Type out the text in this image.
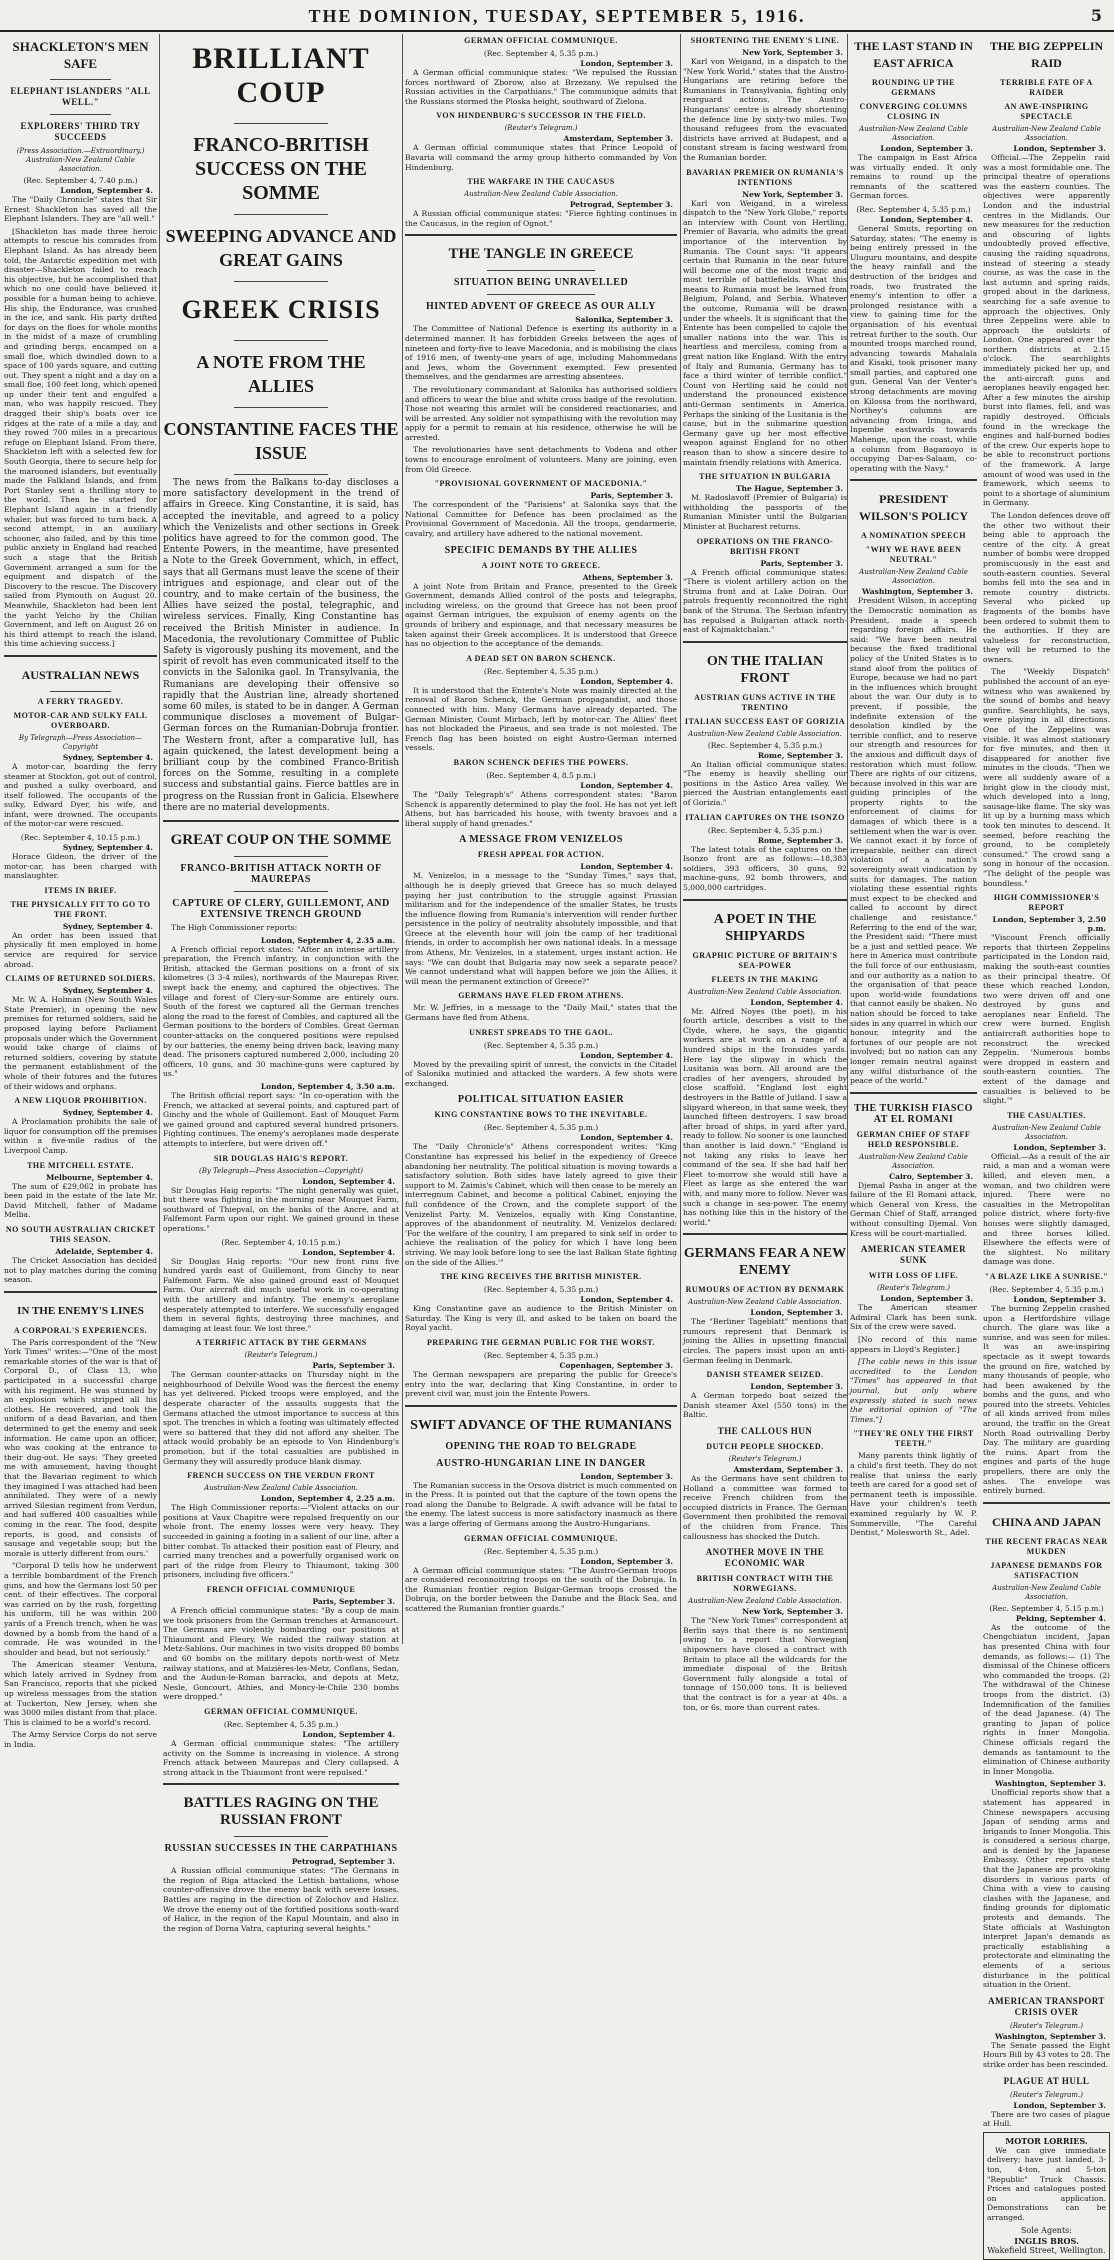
THE DOMINION, TUESDAY, SEPTEMBER 5, 1916.	5
SHACKLETON'S MEN SAFE
ELEPHANT ISLANDERS "ALL WELL."
EXPLORERS' THIRD TRY SUCCEEDS
(Press Association.—Extraordinary.) Australian-New Zealand Cable Association.
(Rec. September 4, 7.40 p.m.)
London, September 4.

The "Daily Chronicle" states that Sir Ernest Shackleton has saved all the Elephant Islanders. They are "all well."

[Shackleton has made three heroic attempts to rescue his comrades from Elephant Island. As has already been told, the Antarctic expedition met with disaster—Shackleton failed to reach his objective, but he accomplished that which no one could have believed it possible for a human being to achieve. His ship, the Endurance, was crushed in the ice, and sank. His party drifted for days on the floes for whole months in the midst of a maze of crumbling and grinding bergs, encamped on a small floe, which dwindled down to a space of 100 yards square, and cutting out. They spent a night and a day on a small floe, 100 feet long, which opened up under their tent and engulfed a man, who was happily rescued. They dragged their ship's boats over ice ridges at the rate of a mile a day, and they rowed 700 miles in a precarious refuge on Elephant Island. From there, Shackleton left with a selected few for South Georgia, there to secure help for the marooned islanders, but eventually made the Falkland Islands, and from Port Stanley sent a thrilling story to the world. Then he started for Elephant Island again in a friendly whaler, but was forced to turn back. A second attempt, in an auxiliary schooner, also failed, and by this time public anxiety in England had reached such a stage that the British Government arranged a sum for the equipment and dispatch of the Discovery to the rescue. The Discovery sailed from Plymouth on August 20. Meanwhile, Shackleton had been lent the yacht Yelcho by the Chilian Government, and left on August 26 on his third attempt to reach the island, this time achieving success.]

AUSTRALIAN NEWS
A FERRY TRAGEDY.
MOTOR-CAR AND SULKY FALL OVERBOARD.
By Telegraph—Press Association—Copyright
Sydney, September 4.

A motor-car, boarding the ferry steamer at Stockton, got out of control, and pushed a sulky overboard, and itself followed. The occupants of the sulky, Edward Dyer, his wife, and infant, were drowned. The occupants of the motor-car were rescued.

(Rec. September 4, 10.15 p.m.)
Sydney, September 4.

Horace Gideon, the driver of the motor-car, has been charged with manslaughter.

ITEMS IN BRIEF.
THE PHYSICALLY FIT TO GO TO THE FRONT.
Sydney, September 4.

An order has been issued that physically fit men employed in home service are required for service abroad.

CLAIMS OF RETURNED SOLDIERS.
Sydney, September 4.

Mr. W. A. Holman (New South Wales State Premier), in opening the new premises for returned soldiers, said he proposed laying before Parliament proposals under which the Government would take charge of claims of returned soldiers, covering by statute the permanent establishment of the whole of their futures and the futures of their widows and orphans.

A NEW LIQUOR PROHIBITION.
Sydney, September 4.

A Proclamation prohibits the sale of liquor for consumption off the premises within a five-mile radius of the Liverpool Camp.

THE MITCHELL ESTATE.
Melbourne, September 4.

The sum of £29,062 in probate has been paid in the estate of the late Mr. David Mitchell, father of Madame Melba.

NO SOUTH AUSTRALIAN CRICKET THIS SEASON.
Adelaide, September 4.

The Cricket Association has decided not to play matches during the coming season.

IN THE ENEMY'S LINES
A CORPORAL'S EXPERIENCES.

The Paris correspondent of the "New York Times" writes:—"One of the most remarkable stories of the war is that of Corporal D., of Class 13, who participated in a successful charge with his regiment. He was stunned by an explosion which stripped all his clothes. He recovered, and took the uniform of a dead Bavarian, and then determined to get the enemy and seek information. He came upon an officer, who was cooking at the entrance to their dug-out. He says: 'They greeted me with amusement, having thought that the Bavarian regiment to which they imagined I was attached had been annihilated. They were of a newly arrived Silesian regiment from Verdun, and had suffered 400 casualties while coming in the rear. The food, despite reports, is good, and consists of sausage and vegetable soup; but the morale is utterly different from ours.'

"Corporal D tells how he underwent a terrible bombardment of the French guns, and how the Germans lost 50 per cent. of their effectives. The corporal was carried on by the rush, forgetting his uniform, till he was within 200 yards of a French trench, when he was downed by a bomb from the hand of a comrade. He was wounded in the shoulder and head, but not seriously."

The American steamer Ventura, which lately arrived in Sydney from San Francisco, reports that she picked up wireless messages from the station at Tuckerton, New Jersey, when she was 3000 miles distant from that place. This is claimed to be a world's record.

The Army Service Corps do not serve in India.

BRILLIANT COUP
FRANCO-BRITISH SUCCESS ON THE SOMME
SWEEPING ADVANCE AND GREAT GAINS
GREEK CRISIS
A NOTE FROM THE ALLIES
CONSTANTINE FACES THE ISSUE

The news from the Balkans to-day discloses a more satisfactory development in the trend of affairs in Greece. King Constantine, it is said, has accepted the inevitable, and agreed to a policy which the Venizelists and other sections in Greek politics have agreed to for the common good. The Entente Powers, in the meantime, have presented a Note to the Greek Government, which, in effect, says that all Germans must leave the scene of their intrigues and espionage, and clear out of the country, and to make certain of the business, the Allies have seized the postal, telegraphic, and wireless services. Finally, King Constantine has received the British Minister in audience. In Macedonia, the revolutionary Committee of Public Safety is vigorously pushing its movement, and the spirit of revolt has even communicated itself to the convicts in the Salonika gaol. In Transylvania, the Rumanians are developing their offensive so rapidly that the Austrian line, already shortened some 60 miles, is stated to be in danger. A German communique discloses a movement of Bulgar-German forces on the Rumanian-Dobruja frontier. The Western front, after a comparative lull, has again quickened, the latest development being a brilliant coup by the combined Franco-British forces on the Somme, resulting in a complete success and substantial gains. Fierce battles are in progress on the Russian front in Galicia. Elsewhere there are no material developments.

GREAT COUP ON THE SOMME
FRANCO-BRITISH ATTACK NORTH OF MAUREPAS
CAPTURE OF CLERY, GUILLEMONT, AND EXTENSIVE TRENCH GROUND

The High Commissioner reports:

London, September 4, 2.35 a.m.

A French official report states: "After an intense artillery preparation, the French infantry, in conjunction with the British, attacked the German positions on a front of six kilometres (3 3-4 miles), northwards of the Maurepas River, swept back the enemy, and captured the objectives. The village and forest of Clery-sur-Somme are entirely ours. South of the forest we captured all the German trenches along the road to the forest of Combles, and captured all the German positions to the borders of Combles. Great German counter-attacks on the conquered positions were repulsed by our batteries, the enemy being driven back, leaving many dead. The prisoners captured numbered 2,000, including 20 officers, 10 guns, and 30 machine-guns were captured by us."

London, September 4, 3.50 a.m.

The British official report says: "In co-operation with the French, we attacked at several points, and captured part of Ginchy and the whole of Guillemont. East of Mouquet Farm we gained ground and captured several hundred prisoners. Fighting continues. The enemy's aeroplanes made desperate attempts to interfere, but were driven off."

SIR DOUGLAS HAIG'S REPORT.
(By Telegraph—Press Association—Copyright)
London, September 4.

Sir Douglas Haig reports: "The night generally was quiet, but there was fighting in the morning near Mouquet Farm, southward of Thiepval, on the banks of the Ancre, and at Falfemont Farm upon our right. We gained ground in these operations."

(Rec. September 4, 10.15 p.m.)
London, September 4.

Sir Douglas Haig reports: "Our new front runs five hundred yards east of Guillemont, from Ginchy to near Falfemont Farm. We also gained ground east of Mouquet Farm. Our aircraft did much useful work in co-operating with the artillery and infantry. The enemy's aeroplane desperately attempted to interfere. We successfully engaged them in several fights, destroying three machines, and damaging at least four. We lost three."

A TERRIFIC ATTACK BY THE GERMANS
(Reuter's Telegram.)
Paris, September 3.

The German counter-attacks on Thursday night in the neighbourhood of Delville Wood was the fiercest the enemy has yet delivered. Picked troops were employed, and the desperate character of the assaults suggests that the Germans attached the utmost importance to success at this spot. The trenches in which a footing was ultimately effected were so battered that they did not afford any shelter. The attack would probably be an episode to Von Hindenburg's promotion, but if the total casualties are published in Germany they will assuredly produce blank dismay.

FRENCH SUCCESS ON THE VERDUN FRONT
Australian-New Zealand Cable Association.
London, September 4, 2.25 a.m.

The High Commissioner reports:—"Violent attacks on our positions at Vaux Chapitre were repulsed frequently on our whole front. The enemy losses were very heavy. They succeeded in gaining a footing in a salient of our line, after a bitter combat. To attacked their position east of Fleury, and carried many trenches and a powerfully organised work on part of the ridge from Fleury to Thiaumont, taking 300 prisoners, including five officers."

FRENCH OFFICIAL COMMUNIQUE
Paris, September 3.

A French official communique states: "By a coup de main we took prisoners from the German trenches at Armancourt. The Germans are violently bombarding our positions at Thiaumont and Fleury. We raided the railway station at Metz-Sablons. Our machines in two visits dropped 80 bombs and 60 bombs on the military depots north-west of Metz railway stations, and at Maizières-les-Metz, Conflans, Sedan, and the Audun-le-Roman barracks, and depots at Metz, Nesle, Goncourt, Athies, and Moncy-le-Chile 230 bombs were dropped."

GERMAN OFFICIAL COMMUNIQUE.
(Rec. September 4, 5.35 p.m.)
London, September 4.

A German official communique states: "The artillery activity on the Somme is increasing in violence. A strong French attack between Maurepas and Clery collapsed. A strong attack in the Thiaumont front were repulsed."

BATTLES RAGING ON THE RUSSIAN FRONT
RUSSIAN SUCCESSES IN THE CARPATHIANS
Petrograd, September 3.

A Russian official communique states: "The Germans in the region of Riga attacked the Lettish battalions, whose counter-offensive drove the enemy back with severe losses. Battles are raging in the direction of Zolochov and Halicz. We drove the enemy out of the fortified positions south-ward of Halicz, in the region of the Kapul Mountain, and also in the region of Dorna Vatra, capturing several heights."

GERMAN OFFICIAL COMMUNIQUE.
(Rec. September 4, 5.35 p.m.)
London, September 3.

A German official communique states: "We repulsed the Russian forces northward of Zborow, also at Brzezany. We repulsed the Russian activities in the Carpathians." The communique admits that the Russians stormed the Ploska height, southward of Zielona.

VON HINDENBURG'S SUCCESSOR IN THE FIELD.
(Reuter's Telegram.)
Amsterdam, September 3.

A German official communique states that Prince Leopold of Bavaria will command the army group hitherto commanded by Von Hindenburg.

THE WARFARE IN THE CAUCASUS
Australian-New Zealand Cable Association.
Petrograd, September 3.

A Russian official communique states: "Fierce fighting continues in the Caucasus, in the region of Ognot."

THE TANGLE IN GREECE
SITUATION BEING UNRAVELLED
HINTED ADVENT OF GREECE AS OUR ALLY
Salonika, September 3.

The Committee of National Defence is exerting its authority in a determined manner. It has forbidden Greeks between the ages of nineteen and forty-five to leave Macedonia, and is mobilising the class of 1916 men, of twenty-one years of age, including Mahommedans and Jews, whom the Government exempted. Few presented themselves, and the gendarmes are arresting absentees.

The revolutionary commandant at Salonika has authorised soldiers and officers to wear the blue and white cross badge of the revolution. Those not wearing this armlet will be considered reactionaries, and will be arrested. Any soldier not sympathising with the revolution may apply for a permit to remain at his residence, otherwise he will be arrested.

The revolutionaries have sent detachments to Vodena and other towns to encourage enrolment of volunteers. Many are joining, even from Old Greece.

"PROVISIONAL GOVERNMENT OF MACEDONIA."
Paris, September 3.

The correspondent of the "Parisiens" at Salonika says that the National Committee for Defence has been proclaimed as the Provisional Government of Macedonia. All the troops, gendarmerie, cavalry, and artillery have adhered to the national movement.

SPECIFIC DEMANDS BY THE ALLIES
A JOINT NOTE TO GREECE.
Athens, September 3.

A joint Note from Britain and France, presented to the Greek Government, demands Allied control of the posts and telegraphs, including wireless, on the ground that Greece has not been proof against German intrigues, the expulsion of enemy agents on the grounds of bribery and espionage, and that necessary measures be taken against their Greek accomplices. It is understood that Greece has no objection to the acceptance of the demands.

A DEAD SET ON BARON SCHENCK.
(Rec. September 4, 5.35 p.m.)
London, September 4.

It is understood that the Entente's Note was mainly directed at the removal of Baron Schenck, the German propagandist, and those connected with him. Many Germans have already departed. The German Minister, Count Mirbach, left by motor-car. The Allies' fleet has not blockaded the Piraeus, and sea trade is not molested. The French flag has been hoisted on eight Austro-German interned vessels.

BARON SCHENCK DEFIES THE POWERS.
(Rec. September 4, 8.5 p.m.)
London, September 4.

The "Daily Telegraph's" Athens correspondent states: "Baron Schenck is apparently determined to play the fool. He has not yet left Athens, but has barricaded his house, with twenty bravoes and a liberal supply of hand grenades."

A MESSAGE FROM VENIZELOS
FRESH APPEAL FOR ACTION.
London, September 4.

M. Venizelos, in a message to the "Sunday Times," says that, although he is deeply grieved that Greece has so much delayed paying her just contribution to the struggle against Prussian militarism and for the independence of the smaller States, he trusts the influence flowing from Rumania's intervention will render further persistence in the policy of neutrality absolutely impossible, and that Greece at the eleventh hour will join the camp of her traditional friends, in order to accomplish her own national ideals. In a message from Athens, Mr. Venizelos, in a statement, urges instant action. He says: "We can doubt that Bulgaria may now seek a separate peace? We cannot understand what will happen before we join the Allies, it will mean the permanent extinction of Greece?"

GERMANS HAVE FLED FROM ATHENS.

Mr. W. Jeffries, in a message to the "Daily Mail," states that the Germans have fled from Athens.

UNREST SPREADS TO THE GAOL.
(Rec. September 4, 5.35 p.m.)
London, September 4.

Moved by the prevailing spirit of unrest, the convicts in the Citadel of Salonika mutinied and attacked the warders. A few shots were exchanged.

POLITICAL SITUATION EASIER
KING CONSTANTINE BOWS TO THE INEVITABLE.
(Rec. September 4, 5.35 p.m.)
London, September 4.

The "Daily Chronicle's" Athens correspondent writes: "King Constantine has expressed his belief in the expediency of Greece abandoning her neutrality. The political situation is moving towards a satisfactory solution. Both sides have lately agreed to give their support to M. Zaimis's Cabinet, which will then cease to be merely an interregnum Cabinet, and become a political Cabinet, enjoying the full confidence of the Crown, and the complete support of the Venizelist Party. M. Venizelos, equally with King Constantine, approves of the abandonment of neutrality. M. Venizelos declared: 'For the welfare of the country, I am prepared to sink self in order to achieve the realisation of the policy for which I have long been striving. We may look before long to see the last Balkan State fighting on the side of the Allies.'"

THE KING RECEIVES THE BRITISH MINISTER.
(Rec. September 4, 5.35 p.m.)
London, September 4.

King Constantine gave an audience to the British Minister on Saturday. The King is very ill, and asked to be taken on board the Royal yacht.

PREPARING THE GERMAN PUBLIC FOR THE WORST.
(Rec. September 4, 5.35 p.m.)
Copenhagen, September 3.

The German newspapers are preparing the public for Greece's entry into the war, declaring that King Constantine, in order to prevent civil war, must join the Entente Powers.

SWIFT ADVANCE OF THE RUMANIANS
OPENING THE ROAD TO BELGRADE
AUSTRO-HUNGARIAN LINE IN DANGER
London, September 3.

The Rumanian success in the Orsova district is much commented on in the Press. It is pointed out that the capture of the town opens the road along the Danube to Belgrade. A swift advance will be fatal to the enemy. The latest success is more satisfactory inasmuch as there was a large offering of Germans among the Austro-Hungarians.

GERMAN OFFICIAL COMMUNIQUE.
(Rec. September 4, 5.35 p.m.)
London, September 3.

A German official communique states: "The Austro-German troops are considered reconnoitring troops on the south of the Dobruja. In the Rumanian frontier region Bulgar-German troops crossed the Dobruja, on the border between the Danube and the Black Sea, and scattered the Rumanian frontier guards."

SHORTENING THE ENEMY'S LINE.
New York, September 3.

Karl von Weigand, in a dispatch to the "New York World," states that the Austro-Hungarians are retiring before the Rumanians in Transylvania, fighting only rearguard actions. The Austro-Hungarians' centre is already shortening the defence line by sixty-two miles. Two thousand refugees from the evacuated districts have arrived at Budapest, and a constant stream is facing westward from the Rumanian border.

BAVARIAN PREMIER ON RUMANIA'S INTENTIONS
New York, September 3.

Karl von Weigand, in a wireless dispatch to the "New York Globe," reports an interview with Count von Hertling, Premier of Bavaria, who admits the great importance of the intervention by Rumania. The Count says: "It appears certain that Rumania in the near future will become one of the most tragic and most terrible of battlefields. What this means to Rumania must be learned from Belgium, Poland, and Serbia. Whatever the outcome, Rumania will be drawn under the wheels. It is significant that the Entente has been compelled to cajole the smaller nations into the war. This is heartless and merciless, coming from a great nation like England. With the entry of Italy and Rumania, Germany has to face a third winter of terrible conflict." Count von Hertling said he could not understand the pronounced existence anti-German sentiments in America. Perhaps the sinking of the Lusitania is the cause, but in the submarine question Germany gave up her most effective weapon against England for no other reason than to show a sincere desire to maintain friendly relations with America.

THE SITUATION IN BULGARIA
The Hague, September 3.

M. Radoslavoff (Premier of Bulgaria) is withholding the passports of the Rumanian Minister until the Bulgarian Minister at Bucharest returns.

OPERATIONS ON THE FRANCO-BRITISH FRONT
Paris, September 3.

A French official communique states: "There is violent artillery action on the Struma front and at Lake Doiran. Our patrols frequently reconnoitred the right bank of the Struma. The Serbian infantry has repulsed a Bulgarian attack north-east of Kajmaktchalan."

ON THE ITALIAN FRONT
AUSTRIAN GUNS ACTIVE IN THE TRENTINO
ITALIAN SUCCESS EAST OF GORIZIA
Australian-New Zealand Cable Association.
(Rec. September 4, 5.35 p.m.)
Rome, September 3.

An Italian official communique states: "The enemy is heavily shelling our positions in the Astico Area valley. We pierced the Austrian entanglements east of Gorizia."

ITALIAN CAPTURES ON THE ISONZO
(Rec. September 4, 5.35 p.m.)
Rome, September 3.

The latest totals of the captures on the Isonzo front are as follows:—18,383 soldiers, 393 officers, 30 guns, 92 machine-guns, 92 bomb throwers, and 5,000,000 cartridges.

A POET IN THE SHIPYARDS
GRAPHIC PICTURE OF BRITAIN'S SEA-POWER
FLEETS IN THE MAKING
Australian-New Zealand Cable Association.
London, September 4.

Mr. Alfred Noyes (the poet), in his fourth article, describes a visit to the Clyde, where, he says, the gigantic workers are at work on a range of a hundred ships in the Ironsides yards. Here lay the slipway in which the Lusitania was born. All around are the cradles of her avengers, shrouded by close scaffold. "England lost eight destroyers in the Battle of Jutland. I saw a slipyard whereon, in that same week, they launched fifteen destroyers. I saw broad after broad of ships, in yard after yard, ready to follow. No sooner is one launched than another is laid down." "England is not taking any risks to leave her command of the sea. If she had half her Fleet to-morrow she would still have a Fleet as large as she entered the war with, and many more to follow. Never was such a change in sea-power. The enemy has nothing like this in the history of the world."

GERMANS FEAR A NEW ENEMY
RUMOURS OF ACTION BY DENMARK
Australian-New Zealand Cable Association.
London, September 3.

The "Berliner Tageblatt" mentions that rumours represent that Denmark is joining the Allies in upsetting financial circles. The papers insist upon an anti-German feeling in Denmark.

DANISH STEAMER SEIZED.
London, September 3.

A German torpedo boat seized the Danish steamer Axel (550 tons) in the Baltic.

THE CALLOUS HUN
DUTCH PEOPLE SHOCKED.
(Reuter's Telegram.)
Amsterdam, September 3.

As the Germans have sent children to Holland a committee was formed to receive French children from the occupied districts in France. The German Government then prohibited the removal of the children from France. This callousness has shocked the Dutch.

ANOTHER MOVE IN THE ECONOMIC WAR
BRITISH CONTRACT WITH THE NORWEGIANS.
Australian-New Zealand Cable Association.
New York, September 3.

The "New York Times" correspondent at Berlin says that there is no sentiment owing to a report that Norwegian shipowners have closed a contract with Britain to place all the wildcards for the immediate disposal of the British Government fully alongside a total of tonnage of 150,000 tons. It is believed that the contract is for a year at 40s. a ton, or 6s. more than current rates.

THE LAST STAND IN EAST AFRICA
ROUNDING UP THE GERMANS
CONVERGING COLUMNS CLOSING IN
Australian-New Zealand Cable Association.
London, September 3.

The campaign in East Africa was virtually ended. It only remains to round up the remnants of the scattered German forces.

(Rec. September 4, 5.35 p.m.)
London, September 4.

General Smuts, reporting on Saturday, states: "The enemy is being entirely pressed in the Uluguru mountains, and despite the heavy rainfall and the destruction of the bridges and roads, two frustrated the enemy's intention to offer a prolonged resistance with a view to gaining time for the organisation of his eventual retreat further to the south. Our mounted troops marched round, advancing towards Mahalala and Kisaki, took prisoner many small parties, and captured one gun. General Van der Venter's strong detachments are moving on Kilossa from the northward, Northey's columns are advancing from Iringa, and Inpembe eastwards towards Mahenge, upon the coast, while a column from Bagamoyo is occupying Dar-es-Salaam, co-operating with the Navy."

PRESIDENT WILSON'S POLICY
A NOMINATION SPEECH
"WHY WE HAVE BEEN NEUTRAL"
Australian-New Zealand Cable Association.
Washington, September 3.

President Wilson, in accepting the Democratic nomination as President, made a speech regarding foreign affairs. He said: "We have been neutral because the fixed traditional policy of the United States is to stand aloof from the politics of Europe, because we had no part in the influences which brought about the war. Our duty is to prevent, if possible, the indefinite extension of the desolation kindled by the terrible conflict, and to reserve our strength and resources for the anxious and difficult days of restoration which must follow. There are rights of our citizens, because involved in this war are guiding principles of the property rights to the enforcement of claims for damages of which there is a settlement when the war is over. We cannot exact it by force of irreparable, neither can direct violation of a nation's sovereignty await vindication by suits for damages. The nation violating these essential rights must expect to be checked and called to account by direct challenge and resistance." Referring to the end of the war, the President said: "There must be a just and settled peace. We here in America must contribute the full force of our enthusiasm, and our authority as a nation to the organisation of that peace upon world-wide foundations that cannot easily be shaken. No nation should be forced to take sides in any quarrel in which our honour, integrity and the fortunes of our people are not involved; but no nation can any longer remain neutral against any wilful disturbance of the peace of the world."

THE TURKISH FIASCO AT EL ROMANI
GERMAN CHIEF OF STAFF HELD RESPONSIBLE.
Australian-New Zealand Cable Association.
Cairo, September 3.

Djemal Pasha in anger at the failure of the El Romani attack, which General von Kress, the German Chief of Staff, arranged without consulting Djemal. Von Kress will be court-martialled.

AMERICAN STEAMER SUNK
WITH LOSS OF LIFE.
(Reuter's Telegram.)
London, September 3.

The American steamer Admiral Clark has been sunk. Six of the crew were saved.

[No record of this name appears in Lloyd's Register.]

[The cable news in this issue accredited to the London "Times" has appeared in that journal, but only where expressly stated is such news the editorial opinion of "The Times."]

"THEY'RE ONLY THE FIRST TEETH."

Many parents think lightly of a child's first teeth. They do not realise that unless the early teeth are cared for a good set of permanent teeth is impossible. Have your children's teeth examined regularly by W. P. Sommerville, "The Careful Dentist," Molesworth St., Adel.

THE BIG ZEPPELIN RAID
TERRIBLE FATE OF A RAIDER
AN AWE-INSPIRING SPECTACLE
Australian-New Zealand Cable Association.
London, September 3.

Official.—The Zeppelin raid was a most formidable one. The principal theatre of operations was the eastern counties. The objectives were apparently London and the industrial centres in the Midlands. Our new measures for the reduction and obscuring of lights undoubtedly proved effective, causing the raiding squadrons, instead of steering a steady course, as was the case in the last autumn and spring raids, groped about in the darkness, searching for a safe avenue to approach the objectives. Only three Zeppelins were able to approach the outskirts of London. One appeared over the northern districts at 2.15 o'clock. The searchlights immediately picked her up, and the anti-aircraft guns and aeroplanes heavily engaged her. After a few minutes the airship burst into flames, fell, and was rapidly destroyed. Officials found in the wreckage the engines and half-burned bodies of the crew. Our experts hope to be able to reconstruct portions of the framework. A large amount of wood was used in the framework, which seems to point to a shortage of aluminium in Germany.

The London defences drove off the other two without their being able to approach the centre of the city. A great number of bombs were dropped promiscuously in the east and south-eastern counties. Several bombs fell into the sea and in remote country districts. Several who picked up fragments of the bombs have been ordered to submit them to the authorities. If they are valueless for reconstruction, they will be returned to the owners.

The "Weekly Dispatch" published the account of an eye-witness who was awakened by the sound of bombs and heavy gunfire. Searchlights, he says, were playing in all directions. One of the Zeppelins was visible. It was almost stationary for five minutes, and then it disappeared for another five minutes in the clouds. "Then we were all suddenly aware of a bright glow in the cloudy mist, which developed into a long, sausage-like flame. The sky was lit up by a burning mass which took ten minutes to descend. It seemed, before reaching the ground, to be completely consumed." The crowd sang a song in honour of the occasion. "The delight of the people was boundless."

HIGH COMMISSIONER'S REPORT
London, September 3, 2.50 p.m.

"Viscount French officially reports that thirteen Zeppelins participated in the London raid, making the south-east counties as their principal theatre. Of these which reached London, two were driven off and one destroyed by guns and aeroplanes near Enfield. The crew were burned. English antiaircraft authorities hope to reconstruct the wrecked Zeppelin. 'Numerous bombs were dropped in eastern and south-eastern counties. The extent of the damage and casualties is believed to be slight.'"

THE CASUALTIES.
Australian-New Zealand Cable Association.
London, September 3.

Official.—As a result of the air raid, a man and a woman were killed, and eleven men, a woman, and two children were injured. There were no casualties in the Metropolitan police district, where forty-five houses were slightly damaged, and three horses killed. Elsewhere the effects were of the slightest. No military damage was done.

"A BLAZE LIKE A SUNRISE."
(Rec. September 4, 5.35 p.m.)
London, September 3.

The burning Zeppelin crashed upon a Hertfordshire village church. The glare was like a sunrise, and was seen for miles. It was an awe-inspiring spectacle as it swept towards the ground on fire, watched by many thousands of people, who had been awakened by the bombs and the guns, and who poured into the streets. Vehicles of all kinds arrived from miles around, the traffic on the Great North Road outrivalling Derby Day. The military are guarding the ruins. Apart from the engines and parts of the huge propellers, there are only the ashes. The envelope was entirely burned.

CHINA AND JAPAN
THE RECENT FRACAS NEAR MUKDEN
JAPANESE DEMANDS FOR SATISFACTION
Australian-New Zealand Cable Association.
(Rec. September 4, 5.15 p.m.)
Peking, September 4.

As the outcome of the Chengchiatun incident, Japan has presented China with four demands, as follows:— (1) The dismissal of the Chinese officers who commanded the troops. (2) The withdrawal of the Chinese troops from the district. (3) Indemnification of the families of the dead Japanese. (4) The granting to Japan of police rights in Inner Mongolia. Chinese officials regard the demands as tantamount to the elimination of Chinese authority in Inner Mongolia.

Washington, September 3.

Unofficial reports show that a statement has appeared in Chinese newspapers accusing Japan of sending arms and brigands to Inner Mongolia. This is considered a serious charge, and is denied by the Japanese Embassy. Other reports state that the Japanese are provoking disorders in various parts of China with a view to causing clashes with the Japanese, and finding grounds for diplomatic protests and demands. The State officials at Washington interpret Japan's demands as practically establishing a protectorate and eliminating the elements of a serious disturbance in the political situation in the Orient.

AMERICAN TRANSPORT CRISIS OVER
(Reuter's Telegram.)
Washington, September 3.

The Senate passed the Eight Hours Bill by 43 votes to 28. The strike order has been rescinded.

PLAGUE AT HULL
(Reuter's Telegram.)
London, September 3.

There are two cases of plague at Hull.

MOTOR LORRIES.

We can give immediate delivery; have just landed, 3-ton, 4-ton, and 5-ton "Republic" Truck Chassis. Prices and catalogues posted on application. Demonstrations can be arranged.

Sole Agents:
INGLIS BROS.
Wakefield Street, Wellington.
